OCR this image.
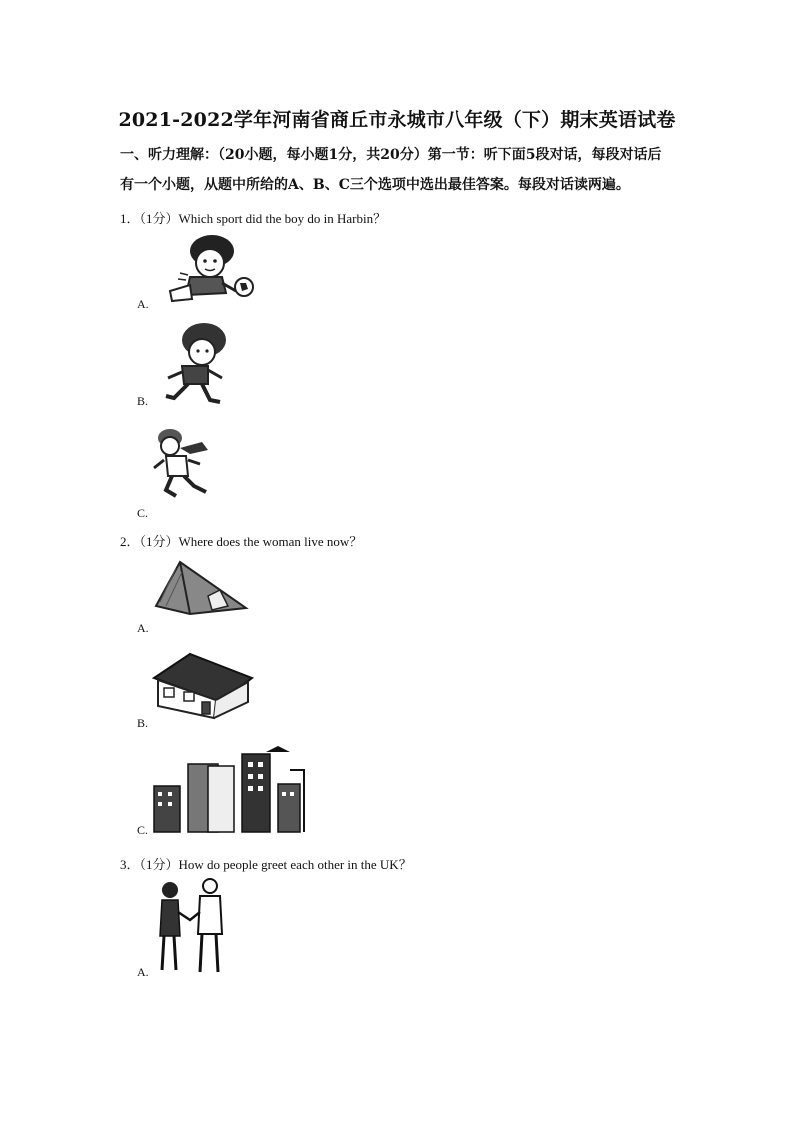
2021-2022学年河南省商丘市永城市八年级（下）期末英语试卷
一、听力理解：（20小题，每小题1分，共20分）第一节：听下面5段对话，每段对话后
有一个小题，从题中所给的A、B、C三个选项中选出最佳答案。每段对话读两遍。
1．（1分）Which sport did the boy do in Harbin？
A.
B.
C.
2．（1分）Where does the woman live now？
A.
B.
C.
3．（1分）How do people greet each other in the UK？
A.
